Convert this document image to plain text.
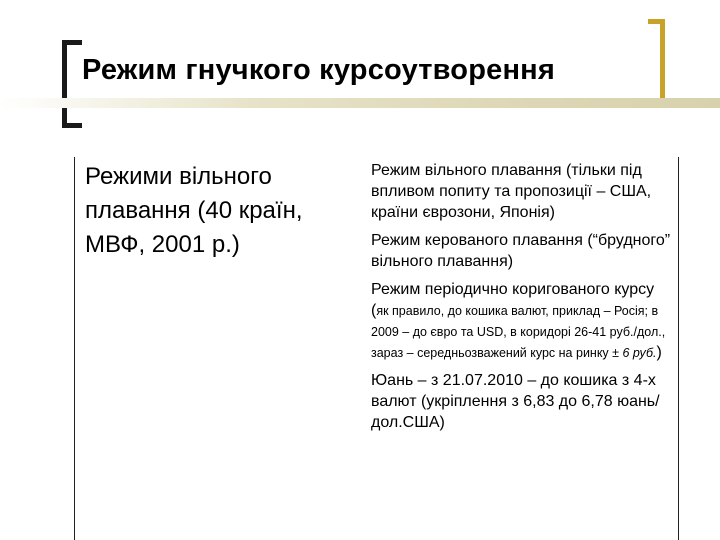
Режим гнучкого курсоутворення
Режими вільного плавання (40 країн, МВФ, 2001 р.)

Режим вільного плавання (тільки під впливом попиту та пропозиції – США, країни єврозони, Японія)

Режим керованого плавання (“брудного” вільного плавання)

Режим періодично коригованого курсу (як правило, до кошика валют, приклад – Росія; в 2009 – до євро та USD, в коридорі 26-41 руб./дол., зараз – середньозважений курс на ринку ± 6 руб.)

Юань – з 21.07.2010 – до кошика з 4-х валют (укріплення з 6,83 до 6,78 юань/дол.США)
